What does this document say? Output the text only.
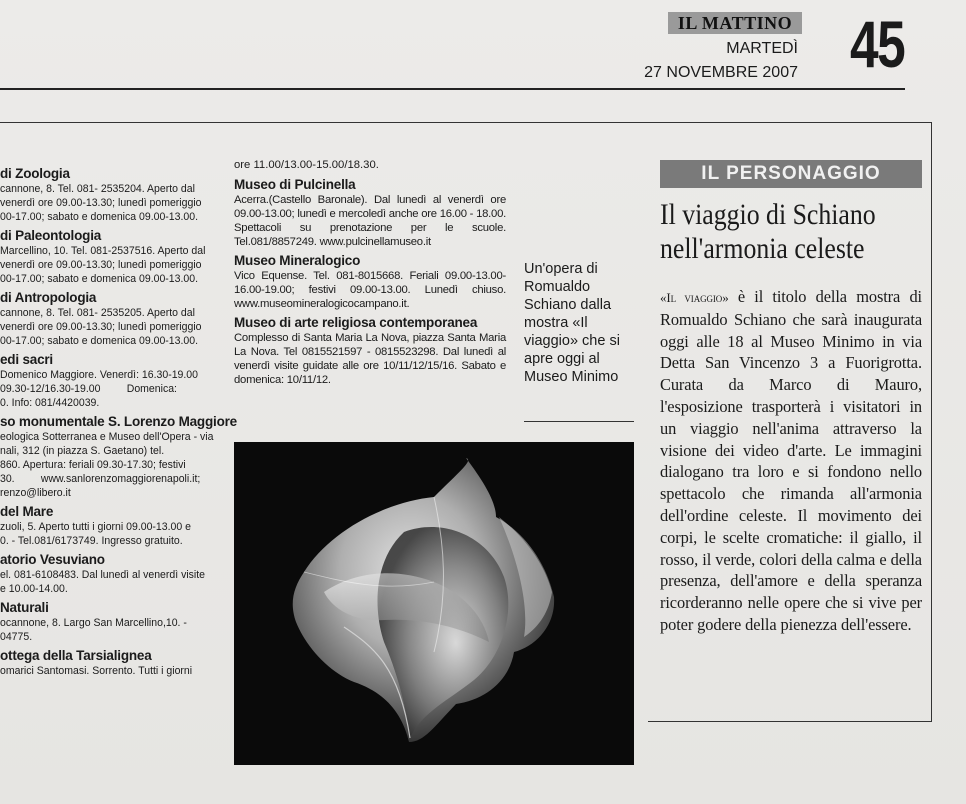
IL MATTINO
MARTEDÌ
27 NOVEMBRE 2007 45
di Zoologia

cannone, 8. Tel. 081- 2535204. Aperto dal

venerdì ore 09.00-13.30; lunedì pomeriggio

00-17.00; sabato e domenica 09.00-13.00.

di Paleontologia

Marcellino, 10. Tel. 081-2537516. Aperto dal

venerdì ore 09.00-13.30; lunedì pomeriggio

00-17.00; sabato e domenica 09.00-13.00.

di Antropologia

cannone, 8. Tel. 081- 2535205. Aperto dal

venerdì ore 09.00-13.30; lunedì pomeriggio

00-17.00; sabato e domenica 09.00-13.00.

edi sacri

Domenico Maggiore. Venerdì: 16.30-19.00

09.30-12/16.30-19.00         Domenica:

0. Info: 081/4420039.

so monumentale S. Lorenzo Maggiore

eologica Sotterranea e Museo dell'Opera - via

nali, 312 (in piazza S. Gaetano) tel.

860. Apertura: feriali 09.30-17.30; festivi

30.         www.sanlorenzomaggiorenapoli.it;

renzo@libero.it

del Mare

zuoli, 5. Aperto tutti i giorni 09.00-13.00 e

0. - Tel.081/6173749. Ingresso gratuito.

atorio Vesuviano

el. 081-6108483. Dal lunedì al venerdì visite

e 10.00-14.00.

Naturali

ocannone, 8. Largo San Marcellino,10. -

04775.

ottega della Tarsialignea

omarici Santomasi. Sorrento. Tutti i giorni

ore 11.00/13.00-15.00/18.30.

Museo di Pulcinella

Acerra.(Castello Baronale). Dal lunedì al venerdì ore 09.00-13.00; lunedì e mercoledì anche ore 16.00 - 18.00. Spettacoli su prenotazione per le scuole. Tel.081/8857249. www.pulcinellamuseo.it

Museo Mineralogico

Vico Equense. Tel. 081-8015668. Feriali 09.00-13.00-16.00-19.00; festivi 09.00-13.00. Lunedì chiuso. www.museomineralogicocampano.it.

Museo di arte religiosa contemporanea

Complesso di Santa Maria La Nova, piazza Santa Maria La Nova. Tel 0815521597 - 0815523298. Dal lunedì al venerdì visite guidate alle ore 10/11/12/15/16. Sabato e domenica: 10/11/12.

Un'opera di Romualdo Schiano dalla mostra «Il viaggio» che si apre oggi al Museo Minimo
IL PERSONAGGIO
Il viaggio di Schiano
nell'armonia celeste
«Il viaggio» è il titolo della mostra di Romualdo Schiano che sarà inaugurata oggi alle 18 al Museo Minimo in via Detta San Vincenzo 3 a Fuorigrotta. Curata da Marco di Mauro, l'esposizione trasporterà i visitatori in un viaggio nell'anima attraverso la visione dei video d'arte. Le immagini dialogano tra loro e si fondono nello spettacolo che rimanda all'armonia dell'ordine celeste. Il movimento dei corpi, le scelte cromatiche: il giallo, il rosso, il verde, colori della calma e della presenza, dell'amore e della speranza ricorderanno nelle opere che si vive per poter godere della pienezza dell'essere.
